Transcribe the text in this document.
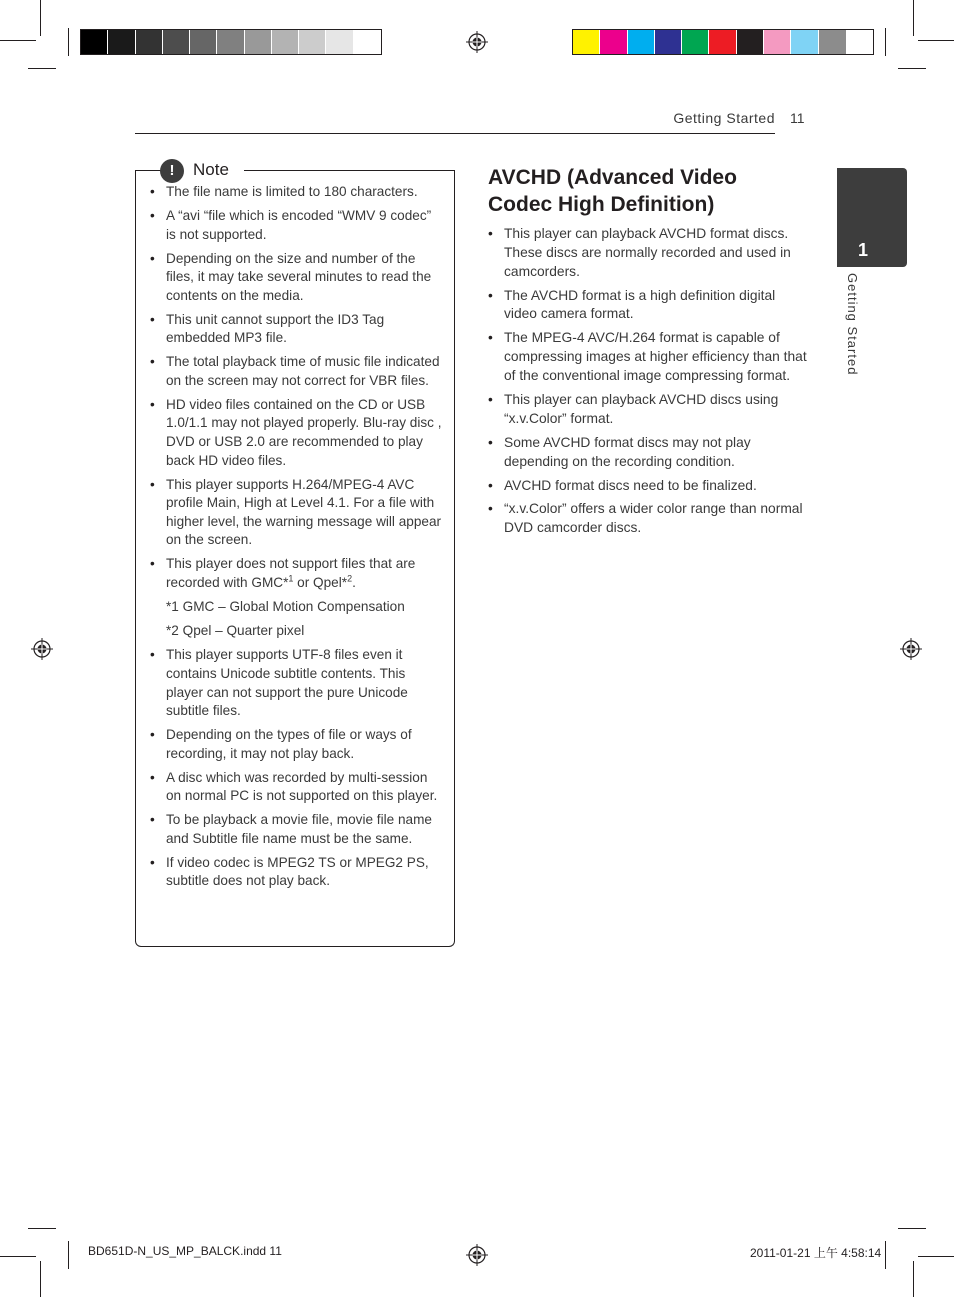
Getting Started 11
1
Getting Started
!	Note
• The file name is limited to 180 characters.
• A “avi “file which is encoded “WMV 9 codec” is not supported.
• Depending on the size and number of the files, it may take several minutes to read the contents on the media.
• This unit cannot support the ID3 Tag embedded MP3 file.
• The total playback time of music file indicated on the screen may not correct for VBR files.
• HD video files contained on the CD or USB 1.0/1.1 may not played properly. Blu-ray disc , DVD or USB 2.0 are recommended to play back HD video files.
• This player supports H.264/MPEG-4 AVC profile Main, High at Level 4.1. For a file with higher level, the warning message will appear on the screen.
• This player does not support files that are recorded with GMC*$^1$ or Qpel*$^2$.
*1 GMC – Global Motion Compensation
*2 Qpel – Quarter pixel
• This player supports UTF-8 files even it contains Unicode subtitle contents. This player can not support the pure Unicode subtitle files.
• Depending on the types of file or ways of recording, it may not play back.
• A disc which was recorded by multi-session on normal PC is not supported on this player.
• To be playback a movie file, movie file name and Subtitle file name must be the same.
• If video codec is MPEG2 TS or MPEG2 PS, subtitle does not play back.
AVCHD (Advanced Video Codec High Definition)
• This player can playback AVCHD format discs. These discs are normally recorded and used in camcorders.
• The AVCHD format is a high definition digital video camera format.
• The MPEG-4 AVC/H.264 format is capable of compressing images at higher efficiency than that of the conventional image compressing format.
• This player can playback AVCHD discs using “x.v.Color” format.
• Some AVCHD format discs may not play depending on the recording condition.
• AVCHD format discs need to be finalized.
• “x.v.Color” offers a wider color range than normal DVD camcorder discs.
BD651D-N_US_MP_BALCK.indd 11	2011-01-21 上午 4:58:14
